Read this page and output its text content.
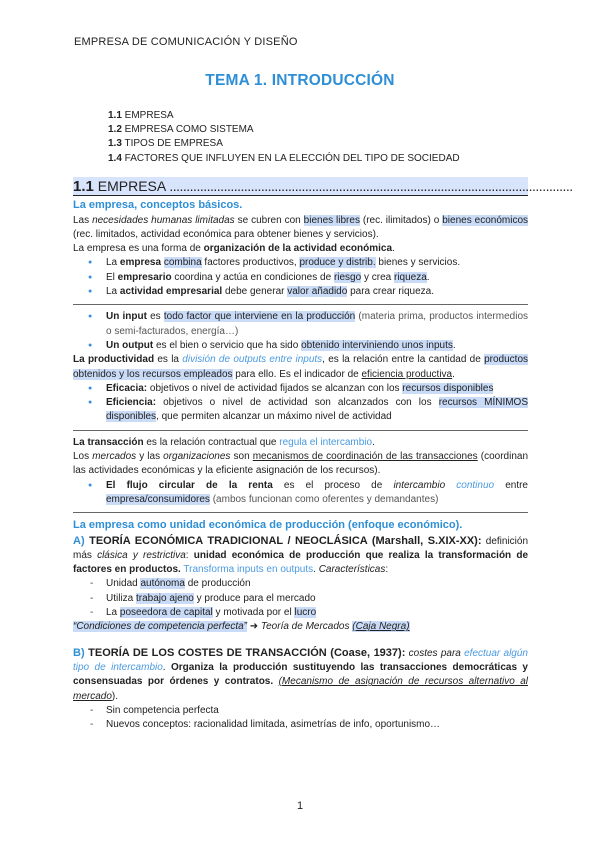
EMPRESA DE COMUNICACIÓN Y DISEÑO
TEMA 1. INTRODUCCIÓN
1.1 EMPRESA
1.2 EMPRESA COMO SISTEMA
1.3 TIPOS DE EMPRESA
1.4 FACTORES QUE INFLUYEN EN LA ELECCIÓN DEL TIPO DE SOCIEDAD
1.1 EMPRESA .......................................................................................................................
La empresa, conceptos básicos.

Las necesidades humanas limitadas se cubren con bienes libres (rec. ilimitados) o bienes económicos (rec. limitados, actividad económica para obtener bienes y servicios).

La empresa es una forma de organización de la actividad económica.

● La empresa combina factores productivos, produce y distrib. bienes y servicios.
● El empresario coordina y actúa en condiciones de riesgo y crea riqueza.
● La actividad empresarial debe generar valor añadido para crear riqueza.
● Un input es todo factor que interviene en la producción (materia prima, productos intermedios o semi-facturados, energía…)
● Un output es el bien o servicio que ha sido obtenido interviniendo unos inputs.

La productividad es la división de outputs entre inputs, es la relación entre la cantidad de productos obtenidos y los recursos empleados para ello. Es el indicador de eficiencia productiva.

● Eficacia: objetivos o nivel de actividad fijados se alcanzan con los recursos disponibles
● Eficiencia: objetivos o nivel de actividad son alcanzados con los recursos MÍNIMOS disponibles, que permiten alcanzar un máximo nivel de actividad

La transacción es la relación contractual que regula el intercambio.

Los mercados y las organizaciones son mecanismos de coordinación de las transacciones (coordinan las actividades económicas y la eficiente asignación de los recursos).

● El flujo circular de la renta es el proceso de intercambio continuo entre empresa/consumidores (ambos funcionan como oferentes y demandantes)
La empresa como unidad económica de producción (enfoque económico).

A) TEORÍA ECONÓMICA TRADICIONAL / NEOCLÁSICA (Marshall, S.XIX-XX): definición más clásica y restrictiva: unidad económica de producción que realiza la transformación de factores en productos. Transforma inputs en outputs. Características:

- Unidad autónoma de producción
- Utiliza trabajo ajeno y produce para el mercado
- La poseedora de capital y motivada por el lucro

“Condiciones de competencia perfecta” ➜ Teoría de Mercados (Caja Negra)

B) TEORÍA DE LOS COSTES DE TRANSACCIÓN (Coase, 1937): costes para efectuar algún tipo de intercambio. Organiza la producción sustituyendo las transacciones democráticas y consensuadas por órdenes y contratos. (Mecanismo de asignación de recursos alternativo al mercado).

- Sin competencia perfecta
- Nuevos conceptos: racionalidad limitada, asimetrías de info, oportunismo…
1
